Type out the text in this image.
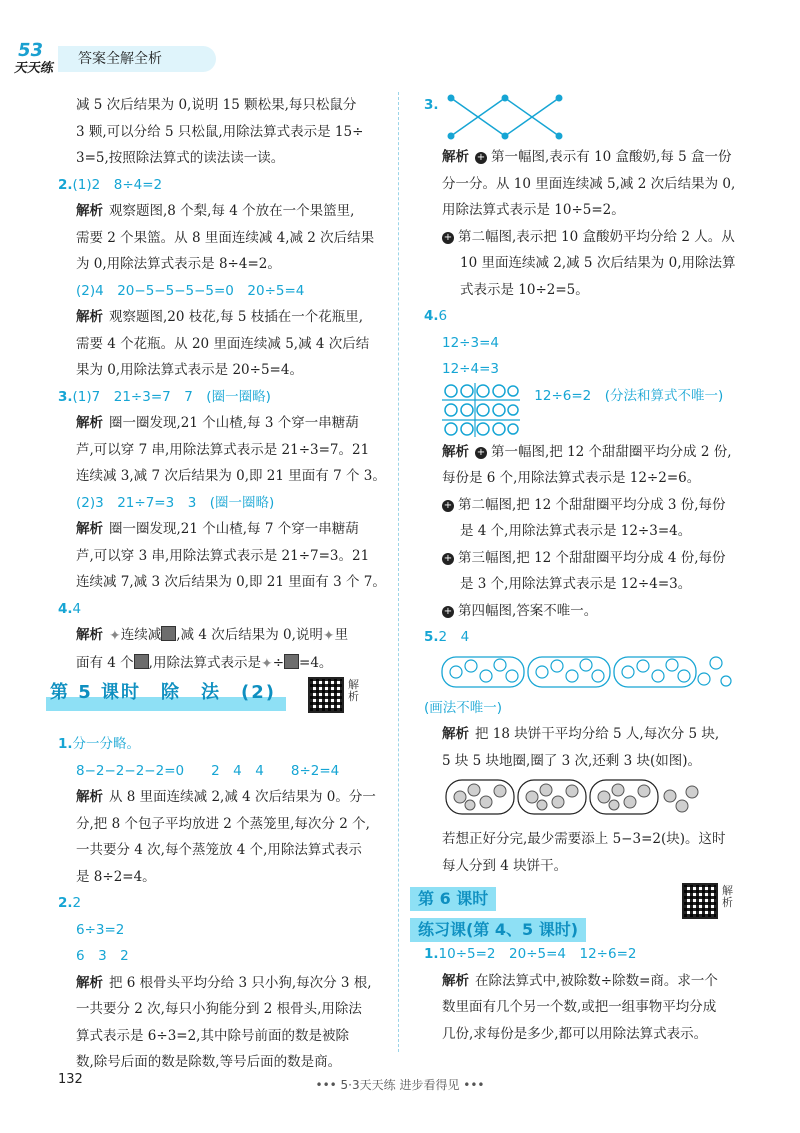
53
天天练
答案全解全析
减 5 次后结果为 0,说明 15 颗松果,每只松鼠分
3 颗,可以分给 5 只松鼠,用除法算式表示是 15÷
3=5,按照除法算式的读法读一读。
2.(1)2　8÷4=2
解析 观察题图,8 个梨,每 4 个放在一个果篮里,
需要 2 个果篮。从 8 里面连续减 4,减 2 次后结果
为 0,用除法算式表示是 8÷4=2。
(2)4　20−5−5−5−5=0　20÷5=4
解析 观察题图,20 枝花,每 5 枝插在一个花瓶里,
需要 4 个花瓶。从 20 里面连续减 5,减 4 次后结
果为 0,用除法算式表示是 20÷5=4。
3.(1)7　21÷3=7　7　(圈一圈略)
解析 圈一圈发现,21 个山楂,每 3 个穿一串糖葫
芦,可以穿 7 串,用除法算式表示是 21÷3=7。21
连续减 3,减 7 次后结果为 0,即 21 里面有 7 个 3。
(2)3　21÷7=3　3　(圈一圈略)
解析 圈一圈发现,21 个山楂,每 7 个穿一串糖葫
芦,可以穿 3 串,用除法算式表示是 21÷7=3。21
连续减 7,减 3 次后结果为 0,即 21 里面有 3 个 7。
4.4
解析 ✦连续减 ,减 4 次后结果为 0,说明✦里
面有 4 个 ,用除法算式表示是✦÷ =4。
第 5 课时　除　法　(2)	解析
1.分一分略。
8−2−2−2−2=0　　2　4　4　　8÷2=4
解析 从 8 里面连续减 2,减 4 次后结果为 0。分一
分,把 8 个包子平均放进 2 个蒸笼里,每次分 2 个,
一共要分 4 次,每个蒸笼放 4 个,用除法算式表示
是 8÷2=4。
2.2
6÷3=2
6　3　2
解析 把 6 根骨头平均分给 3 只小狗,每次分 3 根,
一共要分 2 次,每只小狗能分到 2 根骨头,用除法
算式表示是 6÷3=2,其中除号前面的数是被除
数,除号后面的数是除数,等号后面的数是商。
3.
解析 + 第一幅图,表示有 10 盒酸奶,每 5 盒一份
分一分。从 10 里面连续减 5,减 2 次后结果为 0,
用除法算式表示是 10÷5=2。
+ 第二幅图,表示把 10 盒酸奶平均分给 2 人。从
10 里面连续减 2,减 5 次后结果为 0,用除法算
式表示是 10÷2=5。
4.6
12÷3=4
12÷4=3
12÷6=2　(分法和算式不唯一)
解析 + 第一幅图,把 12 个甜甜圈平均分成 2 份,
每份是 6 个,用除法算式表示是 12÷2=6。
+ 第二幅图,把 12 个甜甜圈平均分成 3 份,每份
是 4 个,用除法算式表示是 12÷3=4。
+ 第三幅图,把 12 个甜甜圈平均分成 4 份,每份
是 3 个,用除法算式表示是 12÷4=3。
+ 第四幅图,答案不唯一。
5.2　4
(画法不唯一)
解析 把 18 块饼干平均分给 5 人,每次分 5 块,
5 块 5 块地圈,圈了 3 次,还剩 3 块(如图)。
若想正好分完,最少需要添上 5−3=2(块)。这时
每人分到 4 块饼干。
第 6 课时
练习课(第 4、5 课时)
解析
1.10÷5=2　20÷5=4　12÷6=2
解析 在除法算式中,被除数÷除数=商。求一个
数里面有几个另一个数,或把一组事物平均分成
几份,求每份是多少,都可以用除法算式表示。
132	••• 5·3天天练 进步看得见 •••
